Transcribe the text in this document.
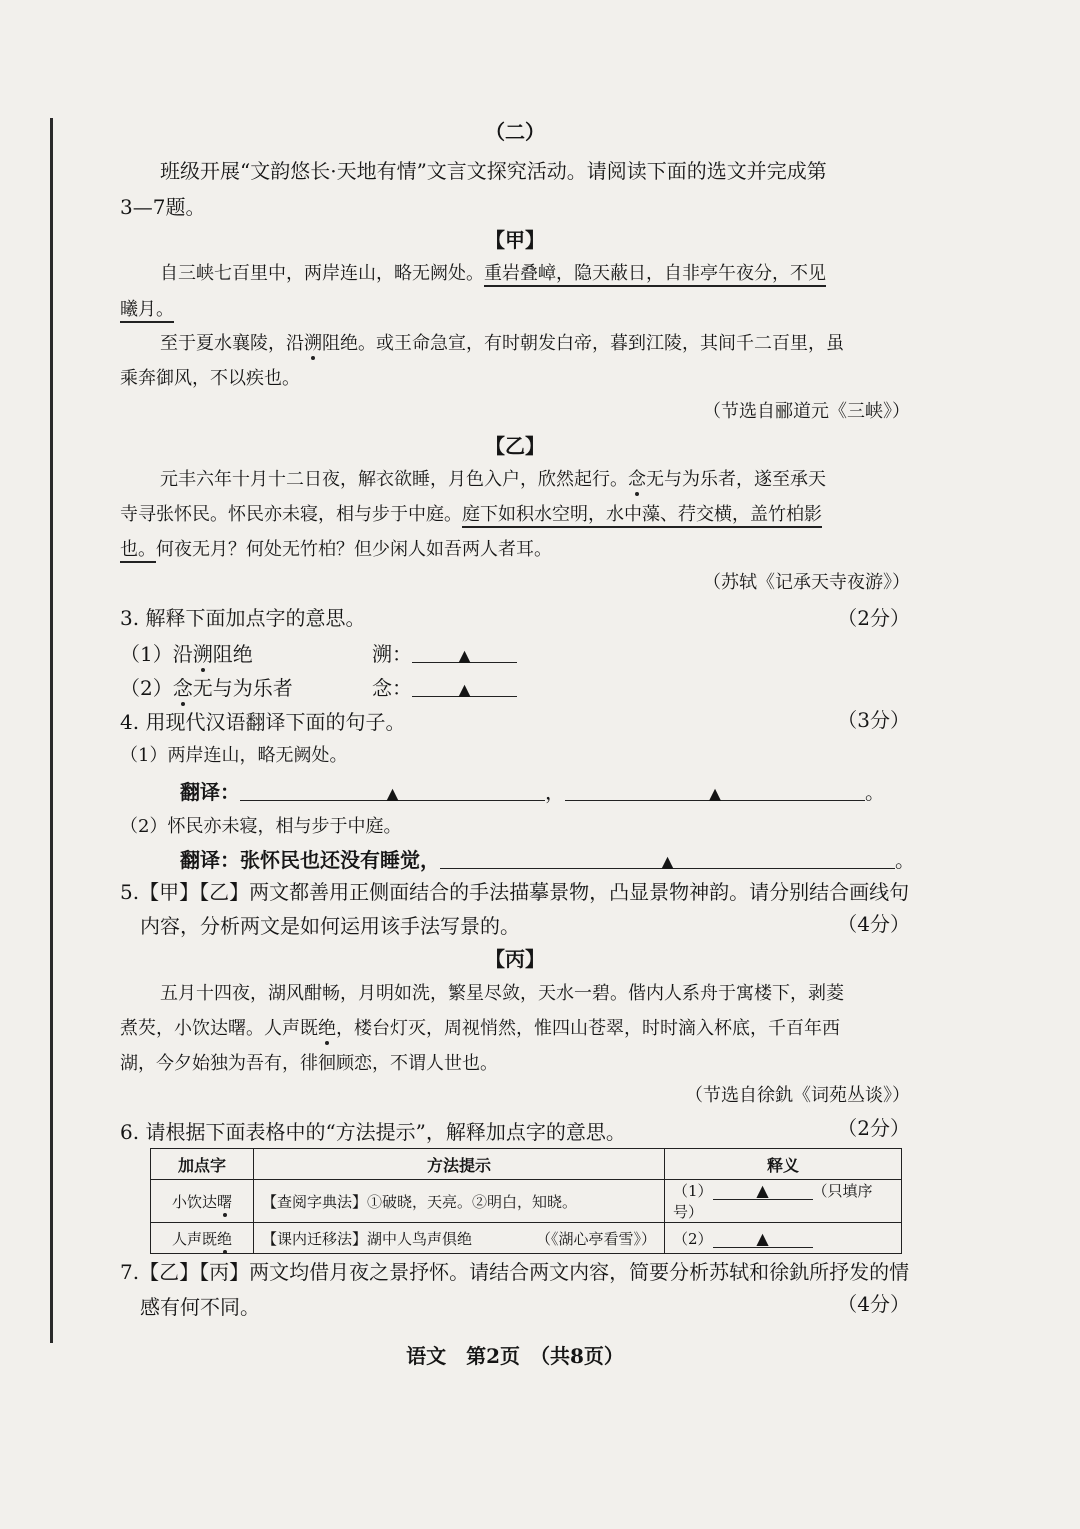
（二）
班级开展“文韵悠长·天地有情”文言文探究活动。请阅读下面的选文并完成第
3—7题。
【甲】
自三峡七百里中，两岸连山，略无阙处。重岩叠嶂，隐天蔽日，自非亭午夜分，不见
曦月。
至于夏水襄陵，沿溯阻绝。或王命急宣，有时朝发白帝，暮到江陵，其间千二百里，虽
乘奔御风，不以疾也。
（节选自郦道元《三峡》）
【乙】
元丰六年十月十二日夜，解衣欲睡，月色入户，欣然起行。念无与为乐者，遂至承天
寺寻张怀民。怀民亦未寝，相与步于中庭。庭下如积水空明，水中藻、荇交横，盖竹柏影
也。何夜无月？何处无竹柏？但少闲人如吾两人者耳。
（苏轼《记承天寺夜游》）
3. 解释下面加点字的意思。	（2分）
（1）沿溯阻绝	溯：	▲
（2）念无与为乐者	念：	▲
4. 用现代汉语翻译下面的句子。	（3分）
（1）两岸连山，略无阙处。
翻译：	▲	，	▲	。
（2）怀民亦未寝，相与步于中庭。
翻译：张怀民也还没有睡觉，	▲	。
5.【甲】【乙】两文都善用正侧面结合的手法描摹景物，凸显景物神韵。请分别结合画线句
内容，分析两文是如何运用该手法写景的。	（4分）
【丙】
五月十四夜，湖风酣畅，月明如洗，繁星尽敛，天水一碧。偕内人系舟于寓楼下，剥菱
煮芡，小饮达曙。人声既绝，楼台灯灭，周视悄然，惟四山苍翠，时时滴入杯底，千百年西
湖，今夕始独为吾有，徘徊顾恋，不谓人世也。
（节选自徐釚《词苑丛谈》）
6. 请根据下面表格中的“方法提示”，解释加点字的意思。	（2分）
加点字	方法提示	释义
小饮达曙	【查阅字典法】①破晓，天亮。②明白，知晓。	（1） ▲ （只填序号）
人声既绝	【课内迁移法】湖中人鸟声俱绝 （《湖心亭看雪》）	（2） ▲
7.【乙】【丙】两文均借月夜之景抒怀。请结合两文内容，简要分析苏轼和徐釚所抒发的情
感有何不同。	（4分）
语文　第2页　（共8页）
